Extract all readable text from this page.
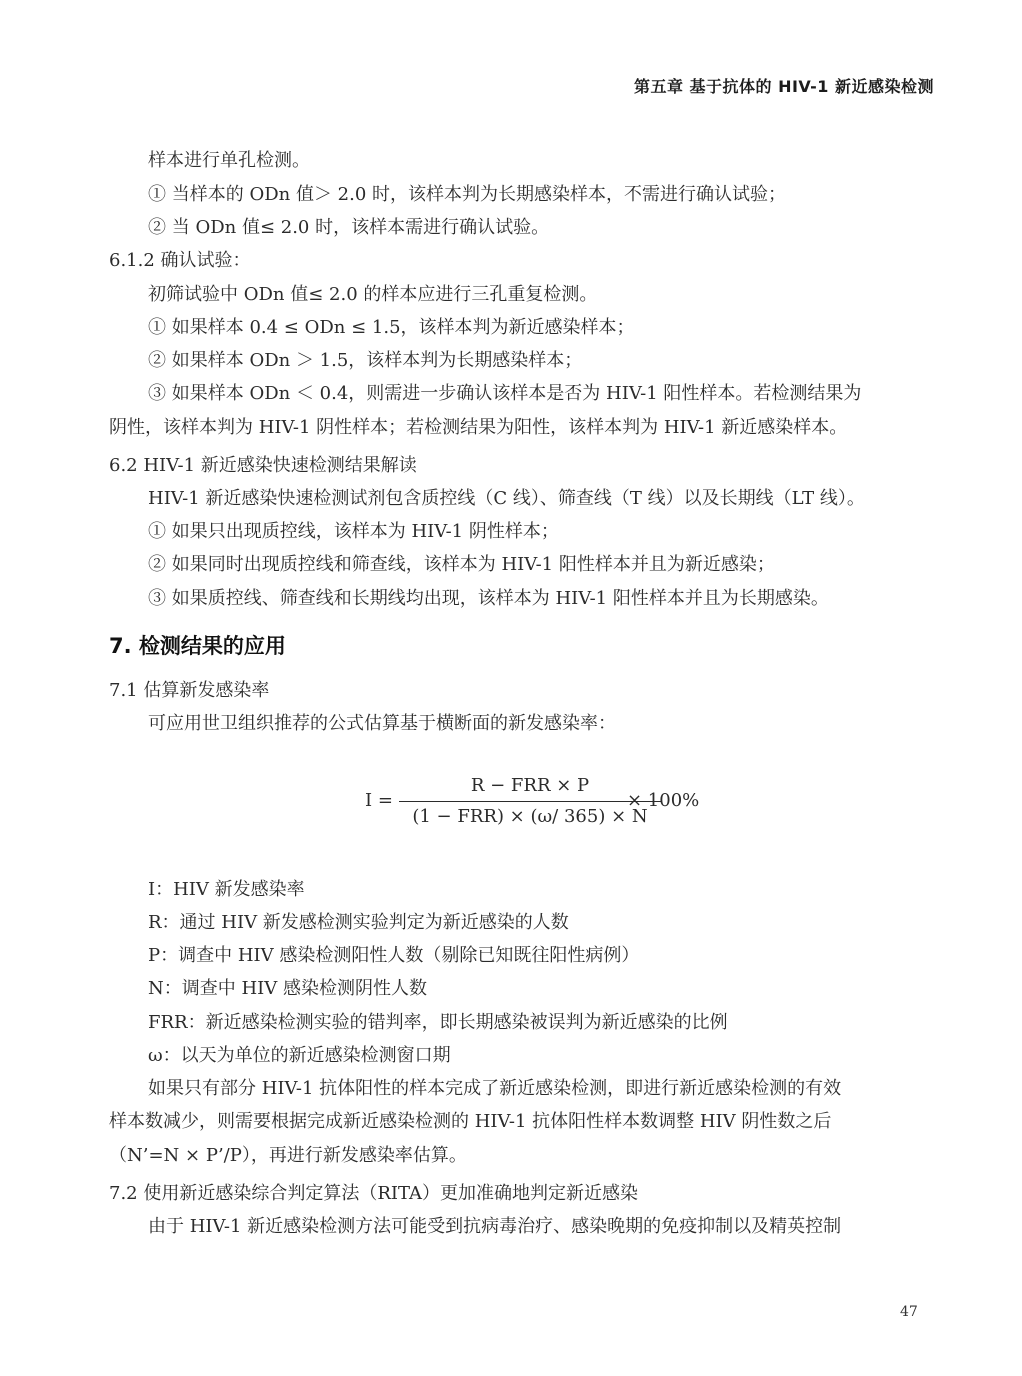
第五章 基于抗体的 HIV-1 新近感染检测
样本进行单孔检测。
① 当样本的 ODn 值＞ 2.0 时，该样本判为长期感染样本，不需进行确认试验；
② 当 ODn 值≤ 2.0 时，该样本需进行确认试验。
6.1.2 确认试验：
初筛试验中 ODn 值≤ 2.0 的样本应进行三孔重复检测。
① 如果样本 0.4 ≤ ODn ≤ 1.5，该样本判为新近感染样本；
② 如果样本 ODn ＞ 1.5，该样本判为长期感染样本；
③ 如果样本 ODn ＜ 0.4，则需进一步确认该样本是否为 HIV-1 阳性样本。若检测结果为
阴性，该样本判为 HIV-1 阴性样本；若检测结果为阳性，该样本判为 HIV-1 新近感染样本。
6.2 HIV-1 新近感染快速检测结果解读
HIV-1 新近感染快速检测试剂包含质控线（C 线）、筛查线（T 线）以及长期线（LT 线）。
① 如果只出现质控线，该样本为 HIV-1 阴性样本；
② 如果同时出现质控线和筛查线，该样本为 HIV-1 阳性样本并且为新近感染；
③ 如果质控线、筛查线和长期线均出现，该样本为 HIV-1 阳性样本并且为长期感染。
7. 检测结果的应用
7.1 估算新发感染率
可应用世卫组织推荐的公式估算基于横断面的新发感染率：
I =
R − FRR × P
(1 − FRR) × (ω/ 365) × N
× 100%
I：HIV 新发感染率
R：通过 HIV 新发感检测实验判定为新近感染的人数
P：调查中 HIV 感染检测阳性人数（剔除已知既往阳性病例）
N：调查中 HIV 感染检测阴性人数
FRR：新近感染检测实验的错判率，即长期感染被误判为新近感染的比例
ω：以天为单位的新近感染检测窗口期
如果只有部分 HIV-1 抗体阳性的样本完成了新近感染检测，即进行新近感染检测的有效
样本数减少，则需要根据完成新近感染检测的 HIV-1 抗体阳性样本数调整 HIV 阴性数之后
（N’=N × P’/P），再进行新发感染率估算。
7.2 使用新近感染综合判定算法（RITA）更加准确地判定新近感染
由于 HIV-1 新近感染检测方法可能受到抗病毒治疗、感染晚期的免疫抑制以及精英控制
47
